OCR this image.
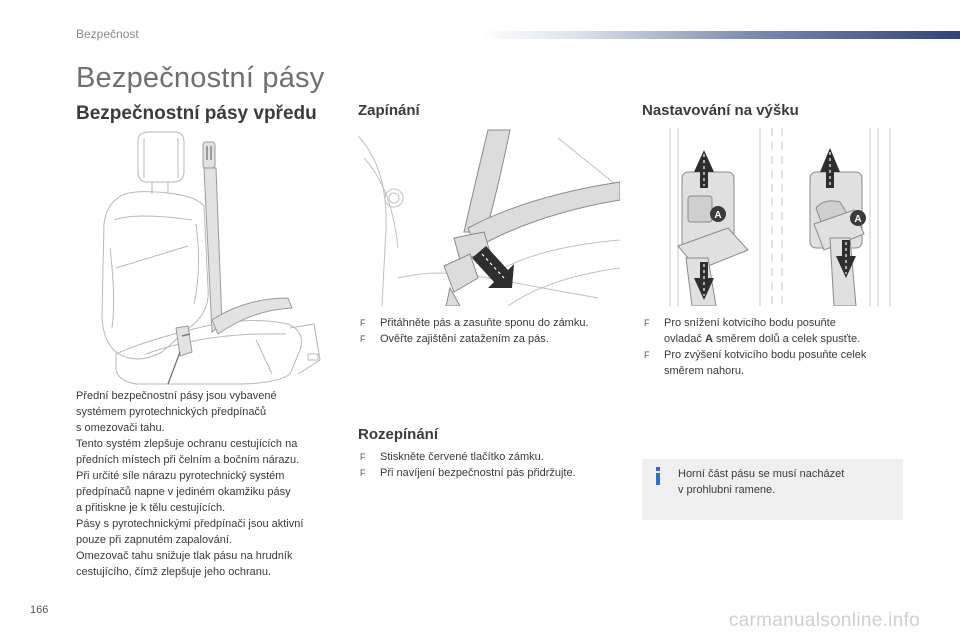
Bezpečnost
Bezpečnostní pásy
Bezpečnostní pásy vpředu	Zapínání	Nastavování na výšku
A	A

Přední bezpečnostní pásy jsou vybavené

systémem pyrotechnických předpínačů

s omezovači tahu.

Tento systém zlepšuje ochranu cestujících na

předních místech při čelním a bočním nárazu.

Při určité síle nárazu pyrotechnický systém

předpínačů napne v jediném okamžiku pásy

a přitiskne je k tělu cestujících.

Pásy s pyrotechnickými předpínači jsou aktivní

pouze při zapnutém zapalování.

Omezovač tahu snižuje tlak pásu na hrudník

cestujícího, čímž zlepšuje jeho ochranu.

F Přitáhněte pás a zasuňte sponu do zámku.
F Ověřte zajištění zatažením za pás.
F Pro snížení kotvicího bodu posuňte
ovladač A směrem dolů a celek spusťte.
F Pro zvýšení kotvicího bodu posuňte celek
směrem nahoru.
Rozepínání
F Stiskněte červené tlačítko zámku.
F Při navíjení bezpečnostní pás přidržujte.	Horní část pásu se musí nacházet
v prohlubni ramene.
166	carmanualsonline.info
